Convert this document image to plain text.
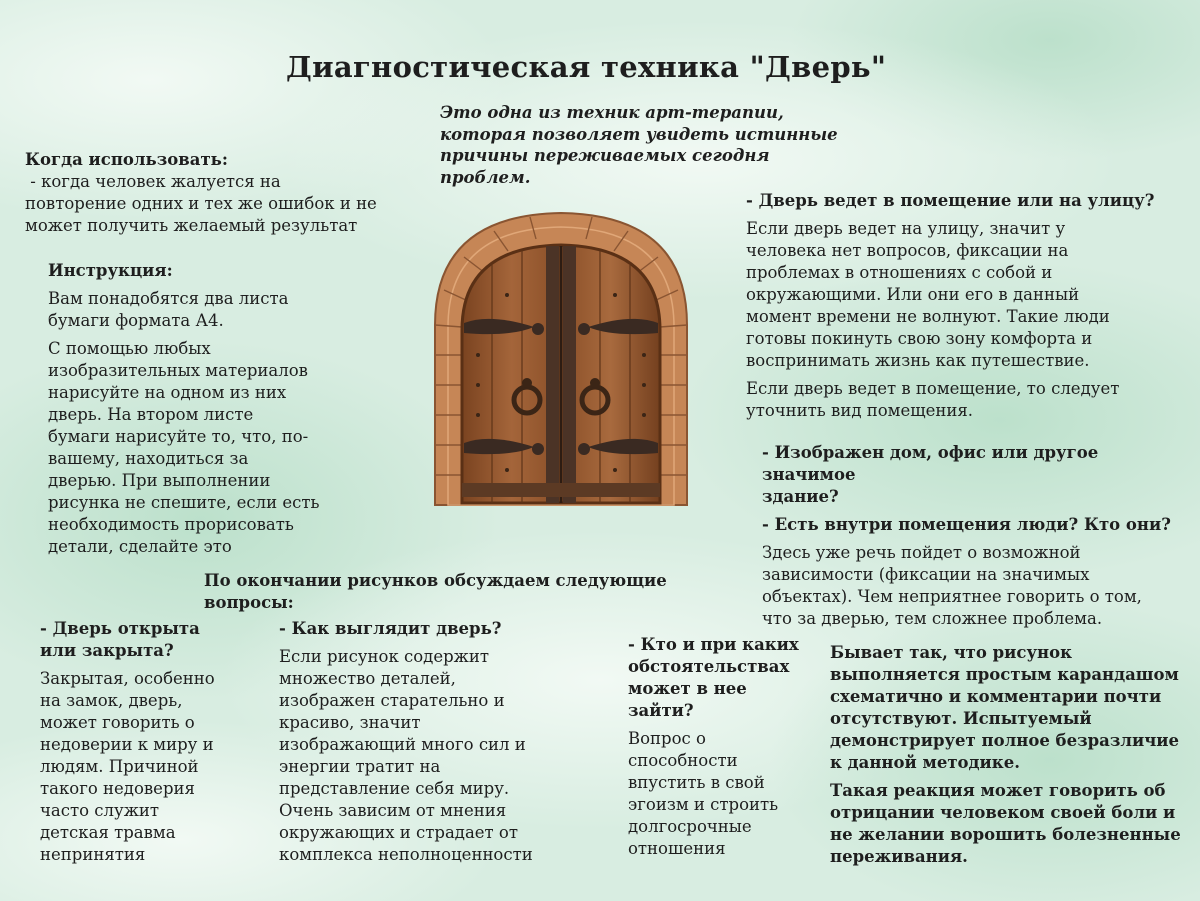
Диагностическая техника "Дверь"

Это одна из техник арт-терапии,
которая позволяет увидеть истинные
причины переживаемых сегодня проблем.
Когда использовать:
- когда человек жалуется на
повторение одних и тех же ошибок и не
может получить желаемый результат
Инструкция:
Вам понадобятся два листа
бумаги формата А4.
С помощью любых
изобразительных материалов
нарисуйте на одном из них
дверь. На втором листе
бумаги нарисуйте то, что, по-
вашему, находиться за
дверью. При выполнении
рисунка не спешите, если есть
необходимость прорисовать
детали, сделайте это

По окончании рисунков обсуждаем следующие вопросы:

- Дверь ведет в помещение или на улицу?
Если дверь ведет на улицу, значит у
человека нет вопросов, фиксации на
проблемах в отношениях с собой и
окружающими. Или они его в данный
момент времени не волнуют. Такие люди
готовы покинуть свою зону комфорта и
воспринимать жизнь как путешествие.
Если дверь ведет в помещение, то следует
уточнить вид помещения.
- Изображен дом, офис или другое значимое
здание?
- Есть внутри помещения люди? Кто они?
Здесь уже речь пойдет о возможной
зависимости (фиксации на значимых
объектах). Чем неприятнее говорить о том,
что за дверью, тем сложнее проблема.
- Дверь открыта
или закрыта?
Закрытая, особенно
на замок, дверь,
может говорить о
недоверии к миру и
людям. Причиной
такого недоверия
часто служит
детская травма
непринятия
- Как выглядит дверь?
Если рисунок содержит
множество деталей,
изображен старательно и
красиво, значит
изображающий много сил и
энергии тратит на
представление себя миру.
Очень зависим от мнения
окружающих и страдает от
комплекса неполноценности
- Кто и при каких
обстоятельствах
может в нее
зайти?
Вопрос о
способности
впустить в свой
эгоизм и строить
долгосрочные
отношения
Бывает так, что рисунок
выполняется простым карандашом
схематично и комментарии почти
отсутствуют. Испытуемый
демонстрирует полное безразличие
к данной методике.
Такая реакция может говорить об
отрицании человеком своей боли и
не желании ворошить болезненные
переживания.
